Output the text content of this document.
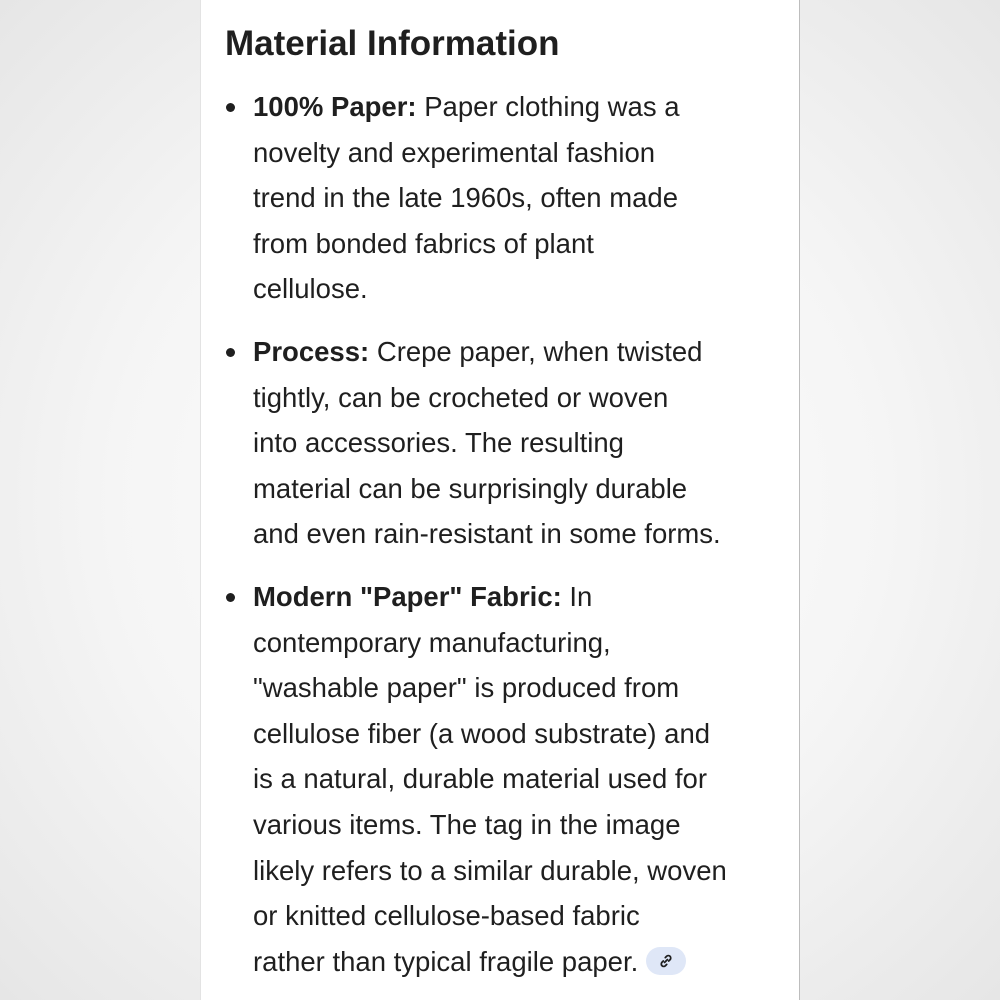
Material Information
100% Paper: Paper clothing was a
novelty and experimental fashion
trend in the late 1960s, often made
from bonded fabrics of plant
cellulose.
Process: Crepe paper, when twisted
tightly, can be crocheted or woven
into accessories. The resulting
material can be surprisingly durable
and even rain-resistant in some forms.
Modern "Paper" Fabric: In
contemporary manufacturing,
"washable paper" is produced from
cellulose fiber (a wood substrate) and
is a natural, durable material used for
various items. The tag in the image
likely refers to a similar durable, woven
or knitted cellulose-based fabric
rather than typical fragile paper.
